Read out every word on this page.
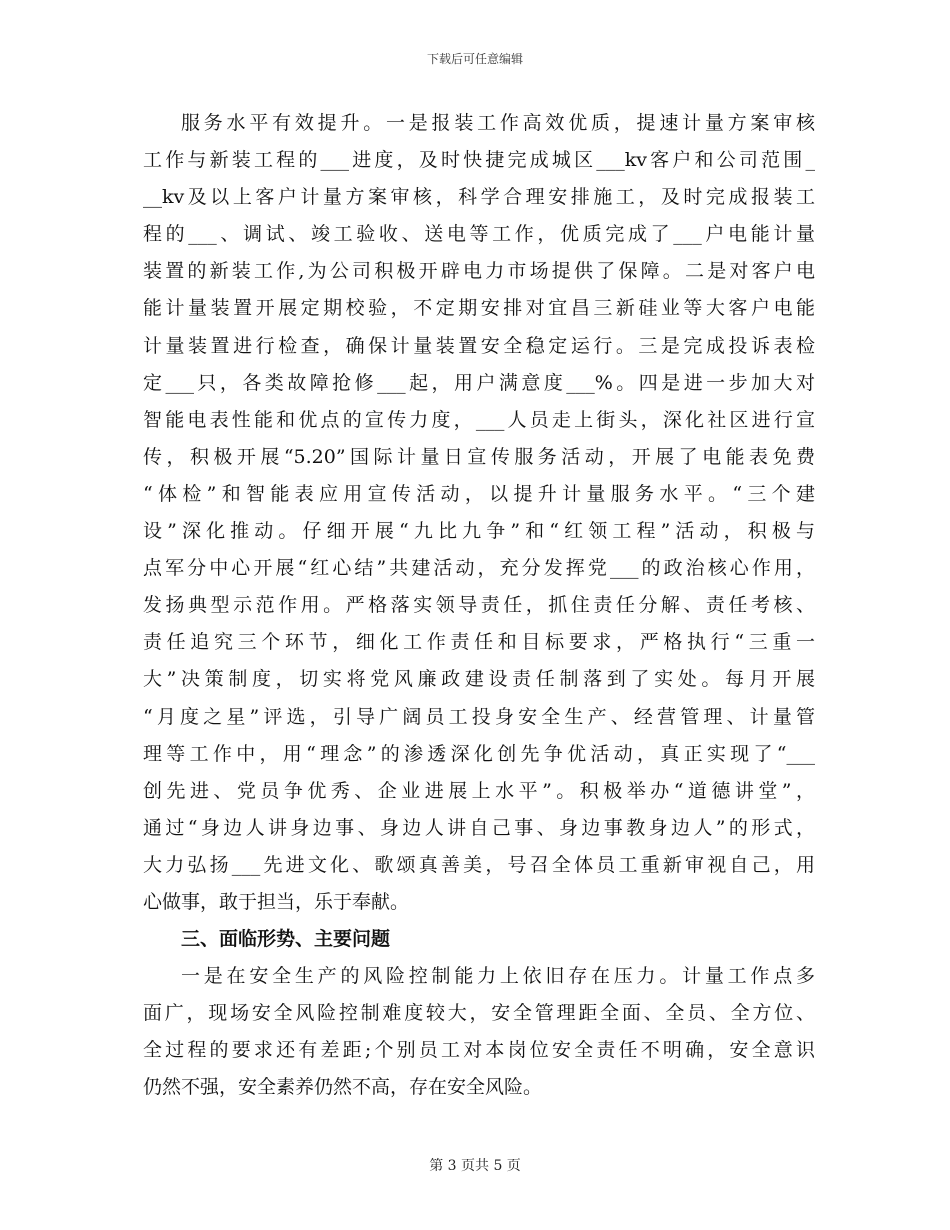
下载后可任意编辑
服务水平有效提升。一是报装工作高效优质，提速计量方案审核
工作与新装工程的___进度，及时快捷完成城区___kv客户和公司范围_
__kv及以上客户计量方案审核，科学合理安排施工，及时完成报装工
程的___、调试、竣工验收、送电等工作，优质完成了___户电能计量
装置的新装工作,为公司积极开辟电力市场提供了保障。二是对客户电
能计量装置开展定期校验，不定期安排对宜昌三新硅业等大客户电能
计量装置进行检查，确保计量装置安全稳定运行。三是完成投诉表检
定___只，各类故障抢修___起，用户满意度___%。四是进一步加大对
智能电表性能和优点的宣传力度，___人员走上街头，深化社区进行宣
传，积极开展“5.20”国际计量日宣传服务活动，开展了电能表免费
“体检”和智能表应用宣传活动，以提升计量服务水平。“三个建
设”深化推动。仔细开展“九比九争”和“红领工程”活动，积极与
点军分中心开展“红心结”共建活动，充分发挥党___的政治核心作用，
发扬典型示范作用。严格落实领导责任，抓住责任分解、责任考核、
责任追究三个环节，细化工作责任和目标要求，严格执行“三重一
大”决策制度，切实将党风廉政建设责任制落到了实处。每月开展
“月度之星”评选，引导广阔员工投身安全生产、经营管理、计量管
理等工作中，用“理念”的渗透深化创先争优活动，真正实现了“___
创先进、党员争优秀、企业进展上水平”。积极举办“道德讲堂”，
通过“身边人讲身边事、身边人讲自己事、身边事教身边人”的形式，
大力弘扬___先进文化、歌颂真善美，号召全体员工重新审视自己，用
心做事，敢于担当，乐于奉献。
三、面临形势、主要问题
一是在安全生产的风险控制能力上依旧存在压力。计量工作点多
面广，现场安全风险控制难度较大，安全管理距全面、全员、全方位、
全过程的要求还有差距;个别员工对本岗位安全责任不明确，安全意识
仍然不强，安全素养仍然不高，存在安全风险。
第 3 页共 5 页
